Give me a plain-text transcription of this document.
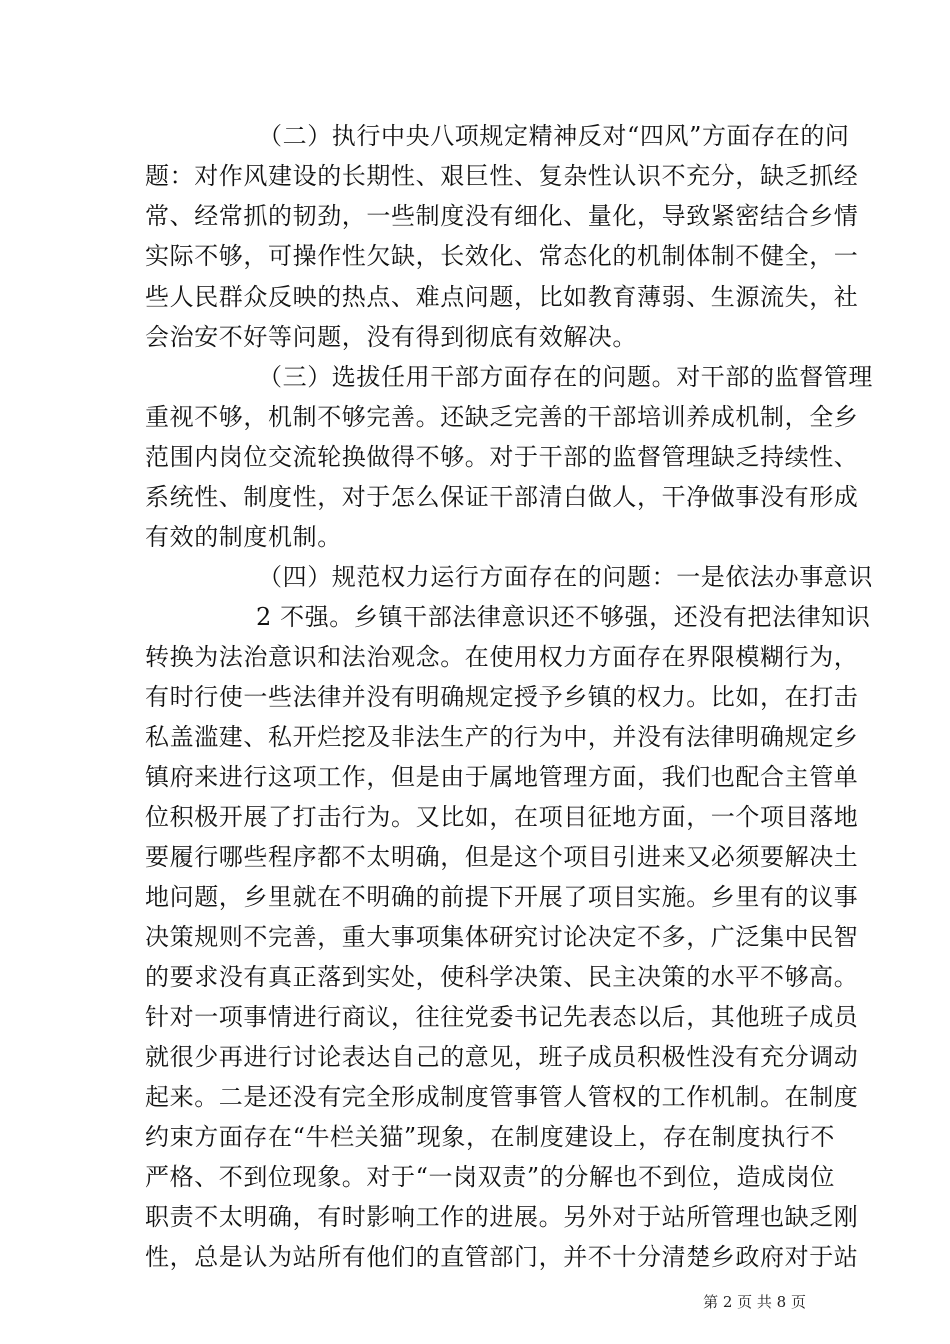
（二）执行中央八项规定精神反对“四风”方面存在的问
题：对作风建设的长期性、艰巨性、复杂性认识不充分，缺乏抓经
常、经常抓的韧劲，一些制度没有细化、量化，导致紧密结合乡情
实际不够，可操作性欠缺，长效化、常态化的机制体制不健全，一
些人民群众反映的热点、难点问题，比如教育薄弱、生源流失，社
会治安不好等问题，没有得到彻底有效解决。
（三）选拔任用干部方面存在的问题。对干部的监督管理
重视不够，机制不够完善。还缺乏完善的干部培训养成机制，全乡
范围内岗位交流轮换做得不够。对于干部的监督管理缺乏持续性、
系统性、制度性，对于怎么保证干部清白做人，干净做事没有形成
有效的制度机制。
（四）规范权力运行方面存在的问题：一是依法办事意识
2 不强。乡镇干部法律意识还不够强，还没有把法律知识
转换为法治意识和法治观念。在使用权力方面存在界限模糊行为，
有时行使一些法律并没有明确规定授予乡镇的权力。比如，在打击
私盖滥建、私开烂挖及非法生产的行为中，并没有法律明确规定乡
镇府来进行这项工作，但是由于属地管理方面，我们也配合主管单
位积极开展了打击行为。又比如，在项目征地方面，一个项目落地
要履行哪些程序都不太明确，但是这个项目引进来又必须要解决土
地问题，乡里就在不明确的前提下开展了项目实施。乡里有的议事
决策规则不完善，重大事项集体研究讨论决定不多，广泛集中民智
的要求没有真正落到实处，使科学决策、民主决策的水平不够高。
针对一项事情进行商议，往往党委书记先表态以后，其他班子成员
就很少再进行讨论表达自己的意见，班子成员积极性没有充分调动
起来。二是还没有完全形成制度管事管人管权的工作机制。在制度
约束方面存在“牛栏关猫”现象，在制度建设上，存在制度执行不
严格、不到位现象。对于“一岗双责”的分解也不到位，造成岗位
职责不太明确，有时影响工作的进展。另外对于站所管理也缺乏刚
性，总是认为站所有他们的直管部门，并不十分清楚乡政府对于站
第 2 页 共 8 页
